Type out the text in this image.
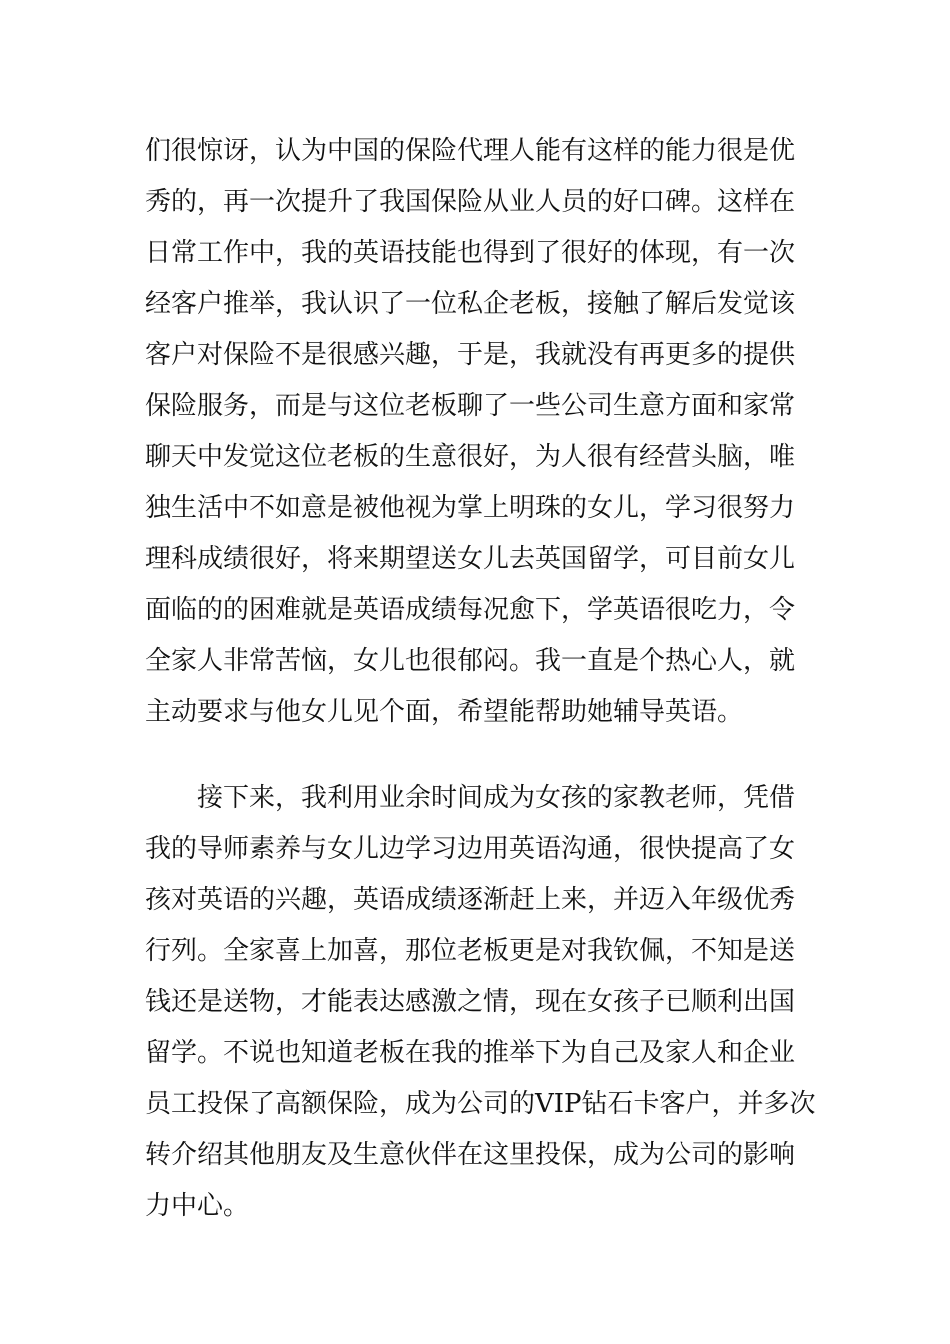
们很惊讶，认为中国的保险代理人能有这样的能力很是优
秀的，再一次提升了我国保险从业人员的好口碑。这样在
日常工作中，我的英语技能也得到了很好的体现，有一次
经客户推举，我认识了一位私企老板，接触了解后发觉该
客户对保险不是很感兴趣，于是，我就没有再更多的提供
保险服务，而是与这位老板聊了一些公司生意方面和家常
聊天中发觉这位老板的生意很好，为人很有经营头脑，唯
独生活中不如意是被他视为掌上明珠的女儿，学习很努力
理科成绩很好，将来期望送女儿去英国留学，可目前女儿
面临的的困难就是英语成绩每况愈下，学英语很吃力，令
全家人非常苦恼，女儿也很郁闷。我一直是个热心人，就
主动要求与他女儿见个面，希望能帮助她辅导英语。
接下来，我利用业余时间成为女孩的家教老师，凭借
我的导师素养与女儿边学习边用英语沟通，很快提高了女
孩对英语的兴趣，英语成绩逐渐赶上来，并迈入年级优秀
行列。全家喜上加喜，那位老板更是对我钦佩，不知是送
钱还是送物，才能表达感激之情，现在女孩子已顺利出国
留学。不说也知道老板在我的推举下为自己及家人和企业
员工投保了高额保险，成为公司的VIP钻石卡客户，并多次
转介绍其他朋友及生意伙伴在这里投保，成为公司的影响
力中心。
